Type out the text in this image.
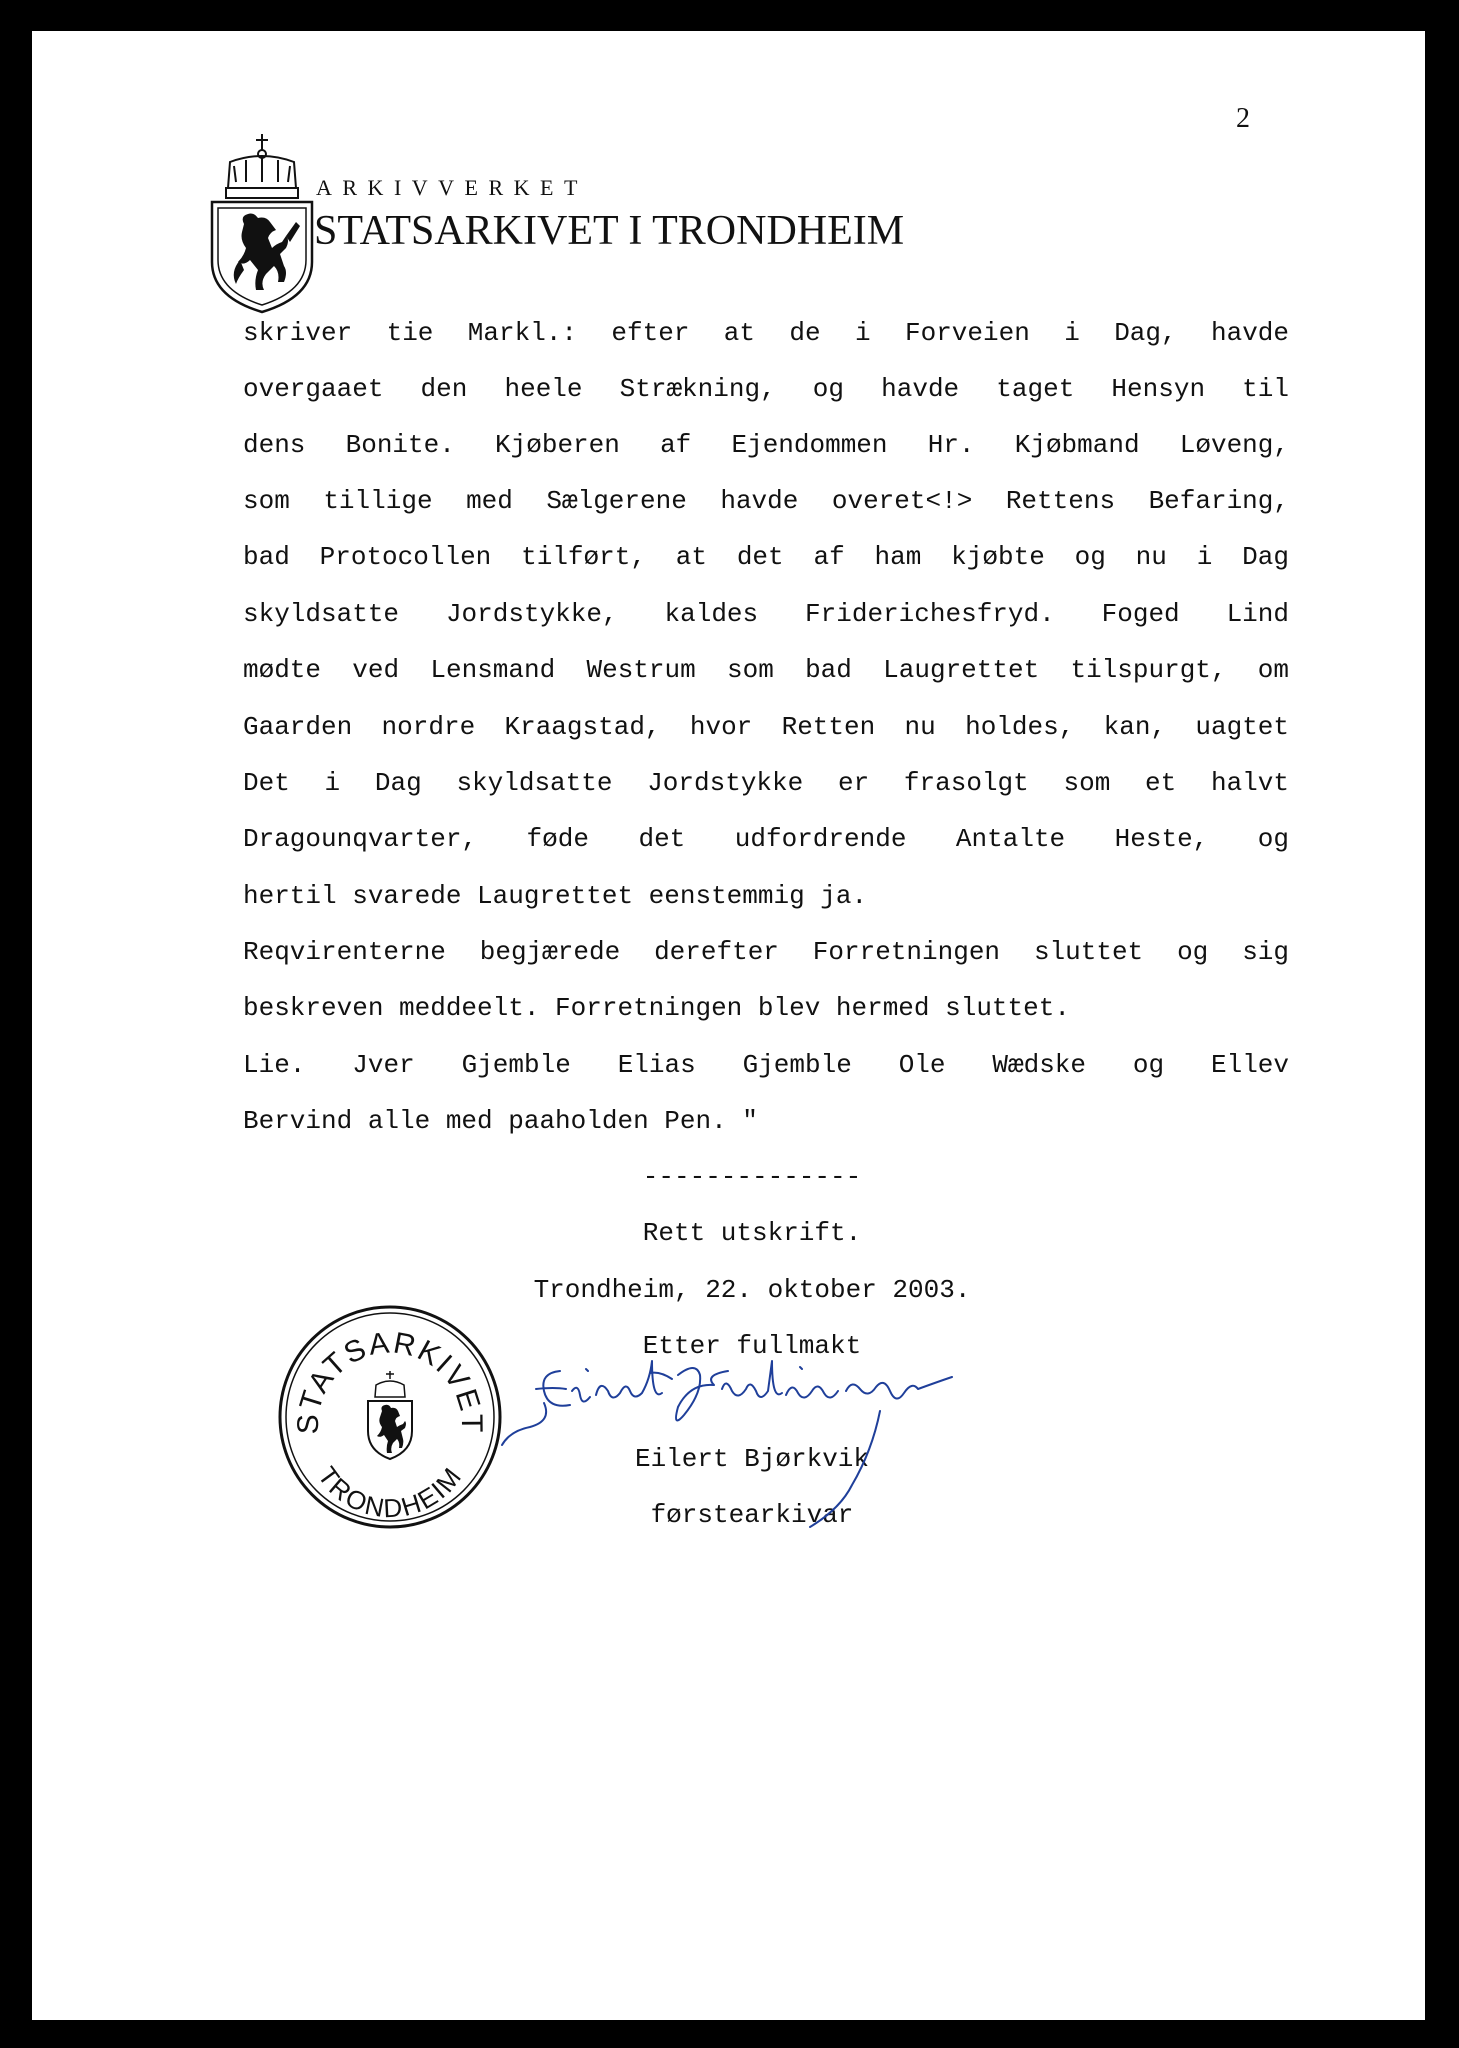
2
ARKIVVERKET
STATSARKIVET I TRONDHEIM
skriver tie Markl.: efter at de i Forveien i Dag, havde
overgaaet den heele Strækning, og havde taget Hensyn til
dens Bonite. Kjøberen af Ejendommen Hr. Kjøbmand Løveng,
som tillige med Sælgerene havde overet<!> Rettens Befaring,
bad Protocollen tilført, at det af ham kjøbte og nu i Dag
skyldsatte Jordstykke, kaldes Friderichesfryd. Foged Lind
mødte ved Lensmand Westrum som bad Laugrettet tilspurgt, om
Gaarden nordre Kraagstad, hvor Retten nu holdes, kan, uagtet
Det i Dag skyldsatte Jordstykke er frasolgt som et halvt
Dragounqvarter, føde det udfordrende Antalte Heste, og
hertil svarede Laugrettet eenstemmig ja.
Reqvirenterne begjærede derefter Forretningen sluttet og sig
beskreven meddeelt. Forretningen blev hermed sluttet.
Lie. Jver Gjemble Elias Gjemble Ole Wædske og Ellev
Bervind alle med paaholden Pen. "
--------------
Rett utskrift.
Trondheim, 22. oktober 2003.
Etter fullmakt
Eilert Bjørkvik
førstearkivar
STATSARKIVET
TRONDHEIM
